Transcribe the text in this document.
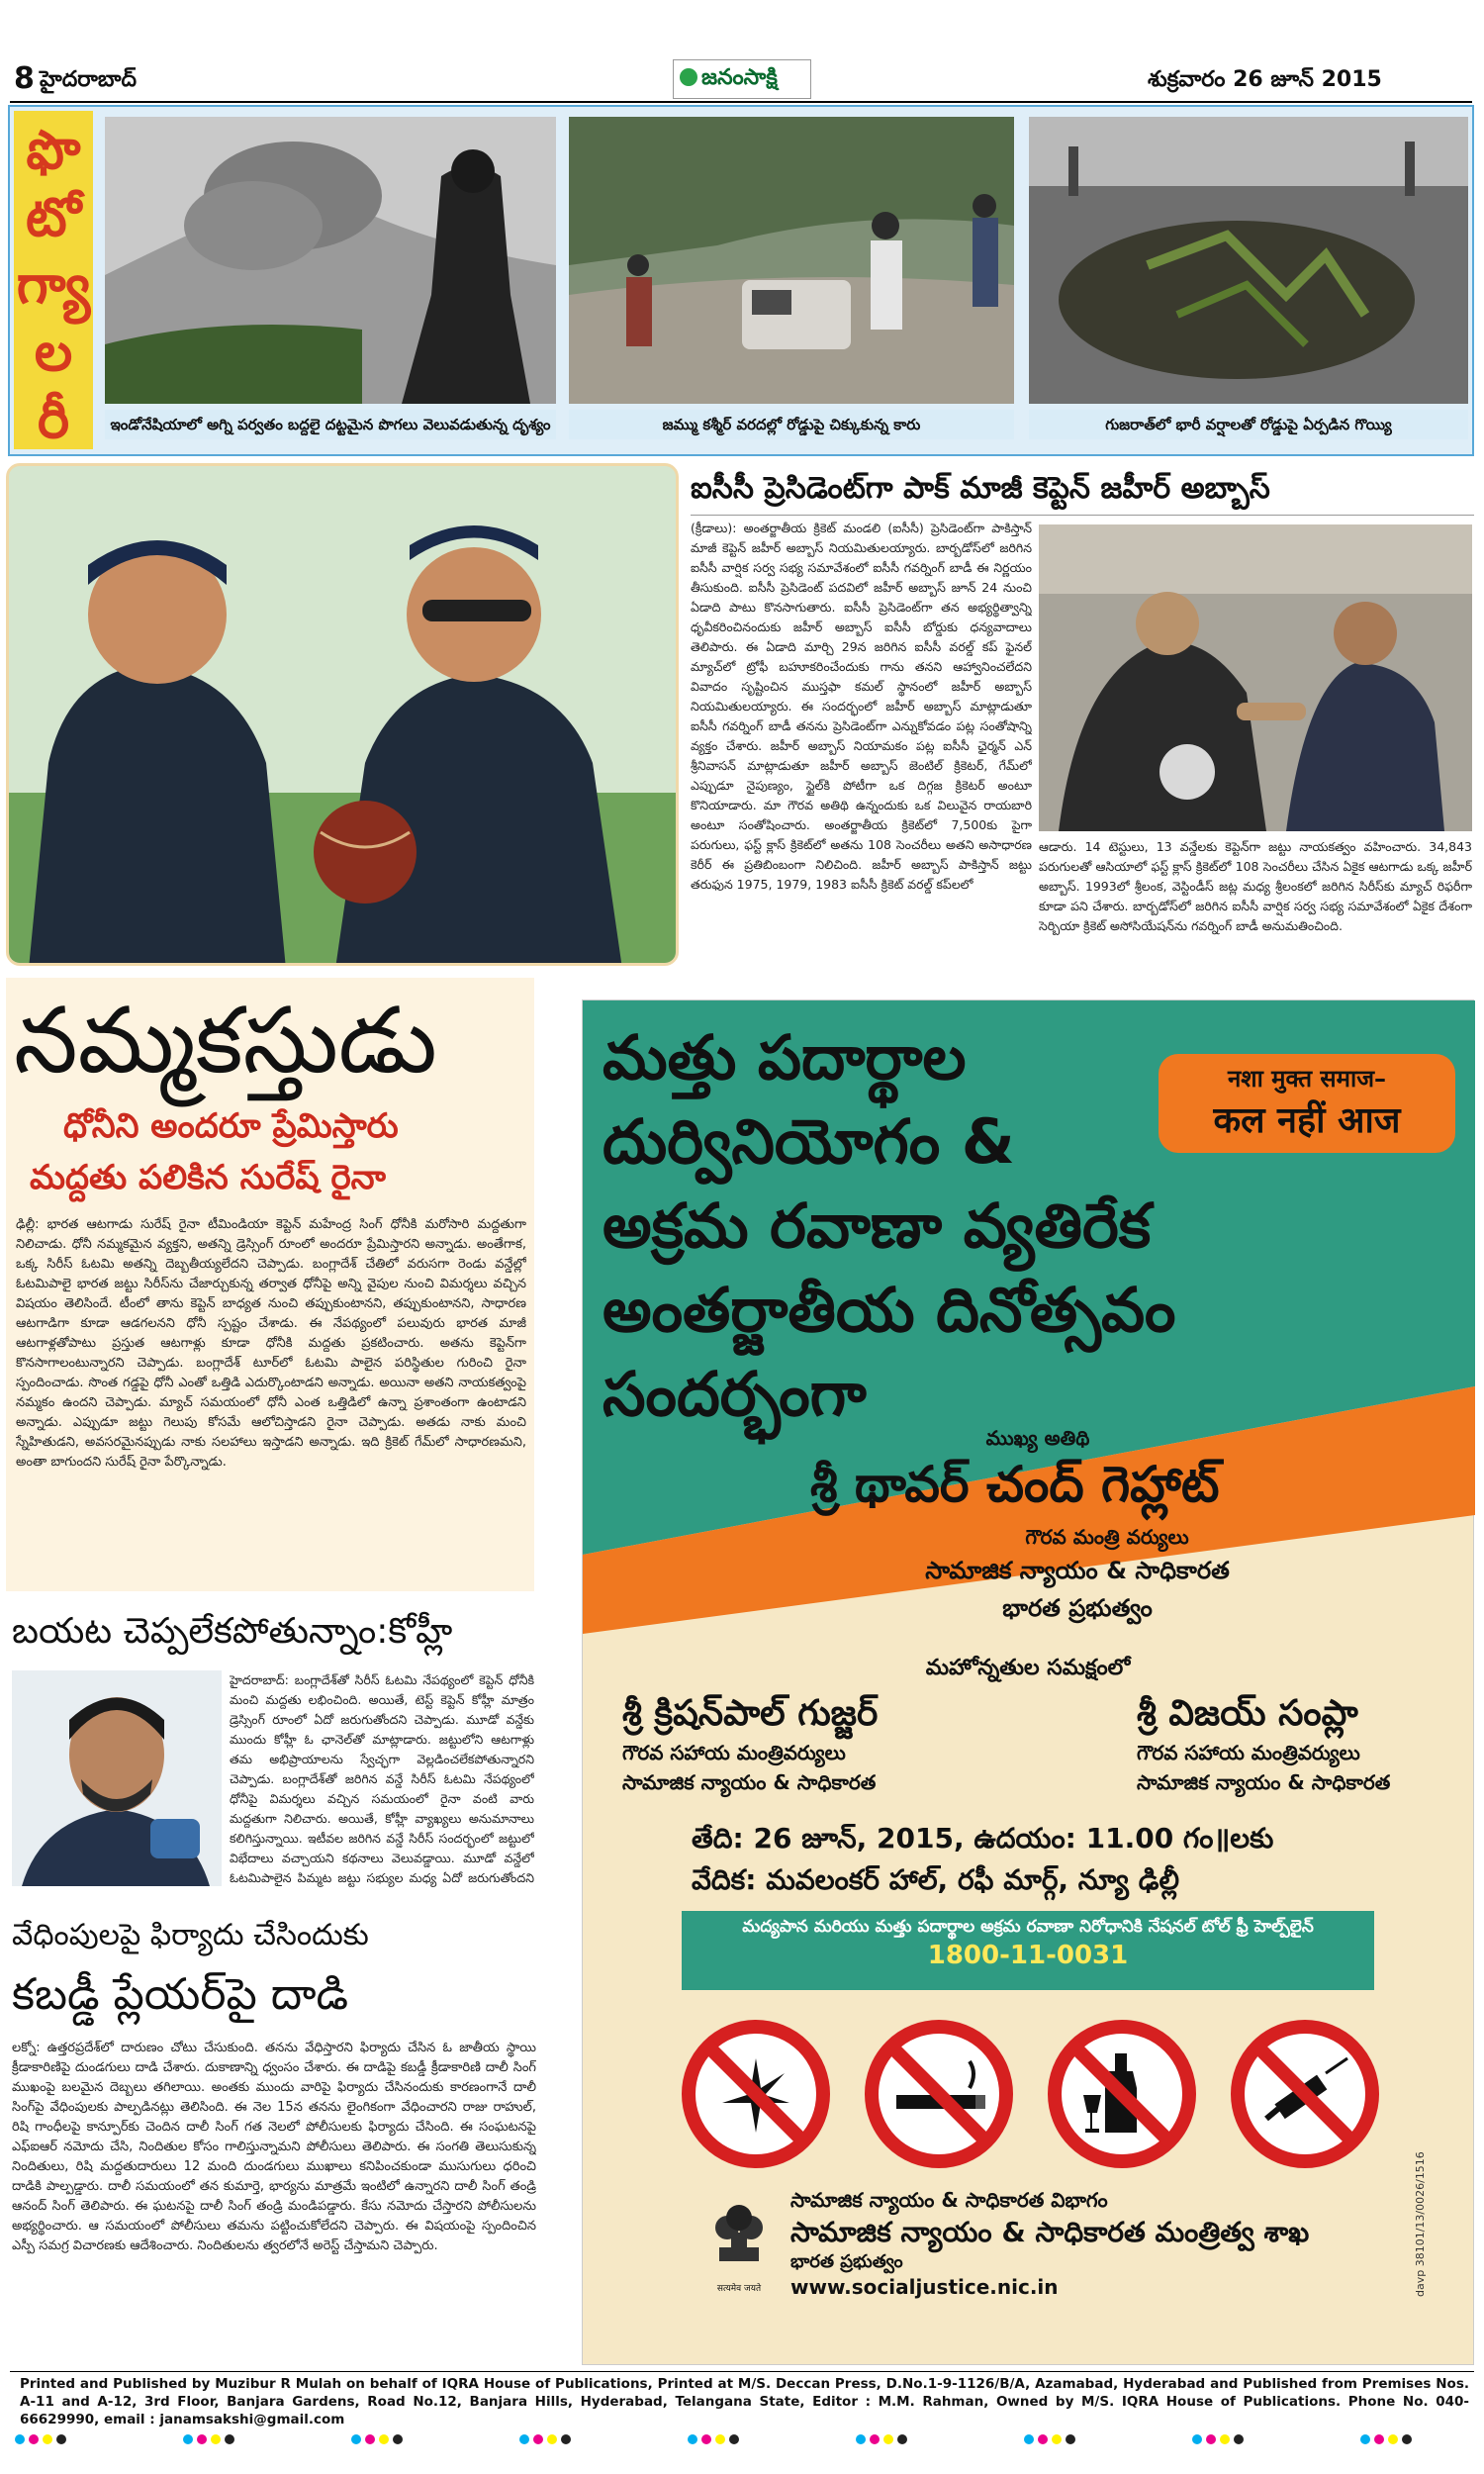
8 హైదరాబాద్	జనంసాక్షి	శుక్రవారం 26 జూన్ 2015
ఫొ
టో
గ్యా
ల
రీ	ఇండోనేషియాలో అగ్ని పర్వతం బద్దలై దట్టమైన పొగలు వెలువడుతున్న దృశ్యం	జమ్ము కశ్మీర్ వరదల్లో రోడ్డుపై చిక్కుకున్న కారు	గుజరాత్‌లో భారీ వర్షాలతో రోడ్డుపై ఏర్పడిన గొయ్యి
ఐసీసీ ప్రెసిడెంట్‌గా పాక్ మాజీ కెప్టెన్ జహీర్ అబ్బాస్
(క్రీడాలు): అంతర్జాతీయ క్రికెట్ మండలి (ఐసీసీ) ప్రెసిడెంట్‌గా పాకిస్తాన్ మాజీ కెప్టెన్ జహీర్ అబ్బాస్ నియమితులయ్యారు. బార్బడోస్‌లో జరిగిన ఐసీసీ వార్షిక సర్వ సభ్య సమావేశంలో ఐసీసీ గవర్నింగ్ బాడీ ఈ నిర్ణయం తీసుకుంది. ఐసీసీ ప్రెసిడెంట్ పదవిలో జహీర్ అబ్బాస్ జూన్ 24 నుంచి ఏడాది పాటు కొనసాగుతారు. ఐసీసీ ప్రెసిడెంట్‌గా తన అభ్యర్థిత్వాన్ని ధృవీకరించినందుకు జహీర్ అబ్బాస్ ఐసీసీ బోర్డుకు ధన్యవాదాలు తెలిపారు. ఈ ఏడాది మార్చి 29న జరిగిన ఐసీసీ వరల్డ్ కప్ ఫైనల్ మ్యాచ్‌లో ట్రోఫీ బహూకరించేందుకు గాను తనని ఆహ్వానించలేదని వివాదం సృష్టించిన ముస్తఫా కమల్ స్థానంలో జహీర్ అబ్బాస్ నియమితులయ్యారు. ఈ సందర్భంలో జహీర్ అబ్బాస్ మాట్లాడుతూ ఐసీసీ గవర్నింగ్ బాడీ తనను ప్రెసిడెంట్‌గా ఎన్నుకోవడం పట్ల సంతోషాన్ని వ్యక్తం చేశారు. జహీర్ అబ్బాస్ నియామకం పట్ల ఐసీసీ ఛైర్మన్ ఎన్ శ్రీనివాసన్ మాట్లాడుతూ జహీర్ అబ్బాస్ జెంటిల్ క్రికెటర్, గేమ్‌లో ఎప్పుడూ నైపుణ్యం, స్టైల్‌కి పోటీగా ఒక దిగ్గజ క్రికెటర్ అంటూ కొనియాడారు. మా గౌరవ అతిథి ఉన్నందుకు ఒక విలువైన రాయబారి అంటూ సంతోషించారు. అంతర్జాతీయ క్రికెట్‌లో 7,500కు పైగా పరుగులు, ఫస్ట్ క్లాస్ క్రికెట్‌లో అతను 108 సెంచరీలు అతని అసాధారణ కెరీర్ ఈ ప్రతిబింబంగా నిలిచింది. జహీర్ అబ్బాస్ పాకిస్తాన్ జట్టు తరుఫున 1975, 1979, 1983 ఐసీసీ క్రికెట్ వరల్డ్ కప్‌లలో
ఆడారు. 14 టెస్టులు, 13 వన్డేలకు కెప్టెన్‌గా జట్టు నాయకత్వం వహించారు. 34,843 పరుగులతో ఆసియాలో ఫస్ట్ క్లాస్ క్రికెట్‌లో 108 సెంచరీలు చేసిన ఏకైక ఆటగాడు ఒక్క జహీర్ అబ్బాస్. 1993లో శ్రీలంక, వెస్టిండీస్ జట్ల మధ్య శ్రీలంకలో జరిగిన సిరీస్‌కు మ్యాచ్ రిఫరీగా కూడా పని చేశారు. బార్బడోస్‌లో జరిగిన ఐసీసీ వార్షిక సర్వ సభ్య సమావేశంలో ఏకైక దేశంగా సెర్బియా క్రికెట్ అసోసియేషన్‌ను గవర్నింగ్ బాడీ అనుమతించింది.
నమ్మకస్తుడు
ధోనీని అందరూ ప్రేమిస్తారు
మద్దతు పలికిన సురేష్ రైనా
ఢిల్లీ: భారత ఆటగాడు సురేష్ రైనా టీమిండియా కెప్టెన్ మహేంద్ర సింగ్ ధోనీకి మరోసారి మద్దతుగా నిలిచాడు. ధోనీ నమ్మకమైన వ్యక్తని, అతన్ని డ్రెస్సింగ్ రూంలో అందరూ ప్రేమిస్తారని అన్నాడు. అంతేగాక, ఒక్క సిరీస్ ఓటమి అతన్ని దెబ్బతీయ్యలేదని చెప్పాడు. బంగ్లాదేశ్ చేతిలో వరుసగా రెండు వన్డేల్లో ఓటమిపాలై భారత జట్టు సిరీస్‌ను చేజార్చుకున్న తర్వాత ధోనీపై అన్ని వైపుల నుంచి విమర్శలు వచ్చిన విషయం తెలిసిందే. టీంలో తాను కెప్టెన్ బాధ్యత నుంచి తప్పుకుంటానని, తప్పుకుంటానని, సాధారణ ఆటగాడిగా కూడా ఆడగలనని ధోనీ స్పష్టం చేశాడు. ఈ నేపథ్యంలో పలువురు భారత మాజీ ఆటగాళ్లతోపాటు ప్రస్తుత ఆటగాళ్లు కూడా ధోనీకి మద్దతు ప్రకటించారు. అతను కెప్టెన్‌గా కొనసాగాలంటున్నారని చెప్పాడు. బంగ్లాదేశ్ టూర్‌లో ఓటమి పాలైన పరిస్థితుల గురించి రైనా స్పందించాడు. సొంత గడ్డపై ధోనీ ఎంతో ఒత్తిడి ఎదుర్కొంటాడని అన్నాడు. అయినా అతని నాయకత్వంపై నమ్మకం ఉందని చెప్పాడు. మ్యాచ్ సమయంలో ధోనీ ఎంత ఒత్తిడిలో ఉన్నా ప్రశాంతంగా ఉంటాడని అన్నాడు. ఎప్పుడూ జట్టు గెలుపు కోసమే ఆలోచిస్తాడని రైనా చెప్పాడు. అతడు నాకు మంచి స్నేహితుడని, అవసరమైనప్పుడు నాకు సలహాలు ఇస్తాడని అన్నాడు. ఇది క్రికెట్ గేమ్‌లో సాధారణమని, అంతా బాగుందని సురేష్ రైనా పేర్కొన్నాడు.
బయట చెప్పలేకపోతున్నాం:కోహ్లీ
హైదరాబాద్: బంగ్లాదేశ్‌తో సిరీస్ ఓటమి నేపథ్యంలో కెప్టెన్ ధోనీకి మంచి మద్దతు లభించింది. అయితే, టెస్ట్ కెప్టెన్ కోహ్లీ మాత్రం డ్రెస్సింగ్ రూంలో ఏదో జరుగుతోందని చెప్పాడు. మూడో వన్డేకు ముందు కోహ్లీ ఓ ఛానెల్‌తో మాట్లాడారు. జట్టులోని ఆటగాళ్లు తమ అభిప్రాయాలను స్వేచ్ఛగా వెల్లడించలేకపోతున్నారని చెప్పాడు. బంగ్లాదేశ్‌తో జరిగిన వన్డే సిరీస్ ఓటమి నేపథ్యంలో ధోనీపై విమర్శలు వచ్చిన సమయంలో రైనా వంటి వారు మద్దతుగా నిలిచారు. అయితే, కోహ్లీ వ్యాఖ్యలు అనుమానాలు కలిగిస్తున్నాయి. ఇటీవల జరిగిన వన్డే సిరీస్ సందర్భంలో జట్టులో విభేదాలు వచ్చాయని కథనాలు వెలువడ్డాయి. మూడో వన్డేలో ఓటమిపాలైన పిమ్మట జట్టు సభ్యుల మధ్య ఏదో జరుగుతోందని
వేధింపులపై ఫిర్యాదు చేసిందుకు
కబడ్డీ ప్లేయర్‌పై దాడి
లక్నో: ఉత్తరప్రదేశ్‌లో దారుణం చోటు చేసుకుంది. తనను వేధిస్తారని ఫిర్యాదు చేసిన ఓ జాతీయ స్థాయి క్రీడాకారిణిపై దుండగులు దాడి చేశారు. దుకాణాన్ని ధ్వంసం చేశారు. ఈ దాడిపై కబడ్డీ క్రీడాకారిణి దాలీ సింగ్ ముఖంపై బలమైన దెబ్బలు తగిలాయి. అంతకు ముందు వారిపై ఫిర్యాదు చేసినందుకు కారణంగానే దాలీ సింగ్‌పై వేధింపులకు పాల్పడినట్లు తెలిసింది. ఈ నెల 15న తనను లైంగికంగా వేధించారని రాజు రాహుల్, రిషి గాంధీలపై కాన్పూర్‌కు చెందిన దాలీ సింగ్ గత నెలలో పోలీసులకు ఫిర్యాదు చేసింది. ఈ సంఘటనపై ఎఫ్ఐఆర్ నమోదు చేసి, నిందితుల కోసం గాలిస్తున్నామని పోలీసులు తెలిపారు. ఈ సంగతి తెలుసుకున్న నిందితులు, రిషి మద్దతుదారులు 12 మంది దుండగులు ముఖాలు కనిపించకుండా ముసుగులు ధరించి దాడికి పాల్పడ్డారు. దాలీ సమయంలో తన కుమార్తె, భార్యను మాత్రమే ఇంటిలో ఉన్నారని దాలీ సింగ్ తండ్రి ఆనంద్ సింగ్ తెలిపారు. ఈ ఘటనపై దాలీ సింగ్ తండ్రి మండిపడ్డారు. కేసు నమోదు చేస్తారని పోలీసులను అభ్యర్థించారు. ఆ సమయంలో పోలీసులు తమను పట్టించుకోలేదని చెప్పారు. ఈ విషయంపై స్పందించిన ఎస్పీ సమగ్ర విచారణకు ఆదేశించారు. నిందితులను త్వరలోనే అరెస్ట్ చేస్తామని చెప్పారు.
మత్తు పదార్థాల
దుర్వినియోగం &
అక్రమ రవాణా వ్యతిరేక
అంతర్జాతీయ దినోత్సవం
సందర్భంగా
नशा मुक्त समाज–
कल नहीं आज
ముఖ్య అతిథి
శ్రీ థావర్ చంద్ గెహ్లాట్
గౌరవ మంత్రి వర్యులు
సామాజిక న్యాయం & సాధికారత
భారత ప్రభుత్వం
మహోన్నతుల సమక్షంలో
శ్రీ క్రిషన్‌పాల్ గుజ్జర్
గౌరవ సహాయ మంత్రివర్యులు
సామాజిక న్యాయం & సాధికారత
శ్రీ విజయ్ సంప్లా
గౌరవ సహాయ మంత్రివర్యులు
సామాజిక న్యాయం & సాధికారత
తేది: 26 జూన్, 2015, ఉదయం: 11.00 గం॥లకు
వేదిక: మవలంకర్ హాల్, రఫీ మార్గ్, న్యూ ఢిల్లీ
మద్యపాన మరియు మత్తు పదార్థాల అక్రమ రవాణా నిరోధానికి నేషనల్ టోల్ ఫ్రీ హెల్ప్‌లైన్
1800-11-0031
सत्यमेव जयते
సామాజిక న్యాయం & సాధికారత విభాగం
సామాజిక న్యాయం & సాధికారత మంత్రిత్వ శాఖ
భారత ప్రభుత్వం
www.socialjustice.nic.in	davp 38101/13/0026/1516
Printed and Published by Muzibur R Mulah on behalf of IQRA House of Publications, Printed at M/S. Deccan Press, D.No.1-9-1126/B/A, Azamabad, Hyderabad and Published from Premises Nos. A-11 and A-12, 3rd Floor, Banjara Gardens, Road No.12, Banjara Hills, Hyderabad, Telangana State, Editor : M.M. Rahman, Owned by M/S. IQRA House of Publications. Phone No. 040-66629990, email : janamsakshi@gmail.com
